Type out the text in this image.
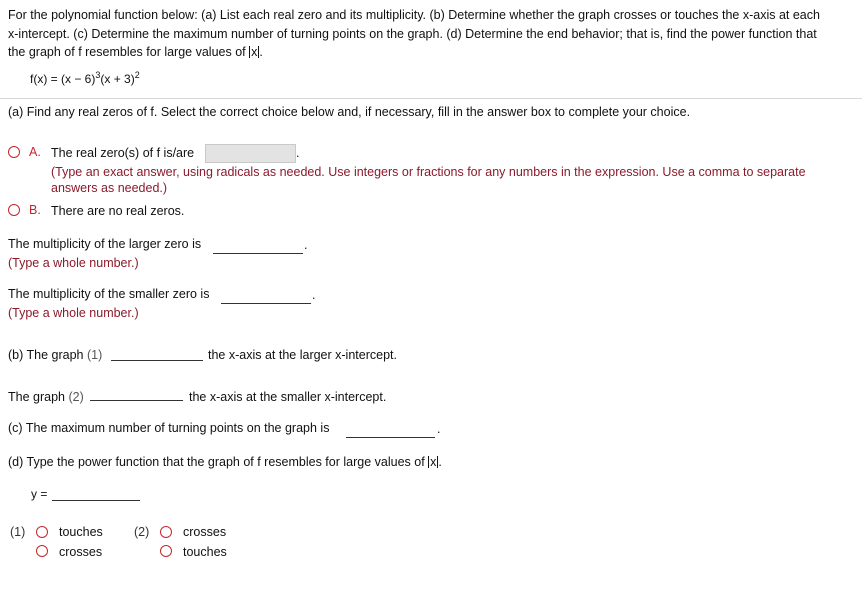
For the polynomial function below: (a) List each real zero and its multiplicity. (b) Determine whether the graph crosses or touches the x-axis at each
x-intercept. (c) Determine the maximum number of turning points on the graph. (d) Determine the end behavior; that is, find the power function that
the graph of f resembles for large values of x .
$f(x) = (x - 6)^3(x + 3)^2$
(a) Find any real zeros of f. Select the correct choice below and, if necessary, fill in the answer box to complete your choice.
A. The real zero(s) of f is/are	.
(Type an exact answer, using radicals as needed. Use integers or fractions for any numbers in the expression. Use a comma to separate
answers as needed.)
B. There are no real zeros.
The multiplicity of the larger zero is	.
(Type a whole number.)
The multiplicity of the smaller zero is	.
(Type a whole number.)
(b) The graph (1)	the x-axis at the larger x-intercept.
The graph (2)	the x-axis at the smaller x-intercept.
(c) The maximum number of turning points on the graph is	.
(d) Type the power function that the graph of f resembles for large values of x .
y =
(1)	touches
crosses
(2)	crosses
touches
